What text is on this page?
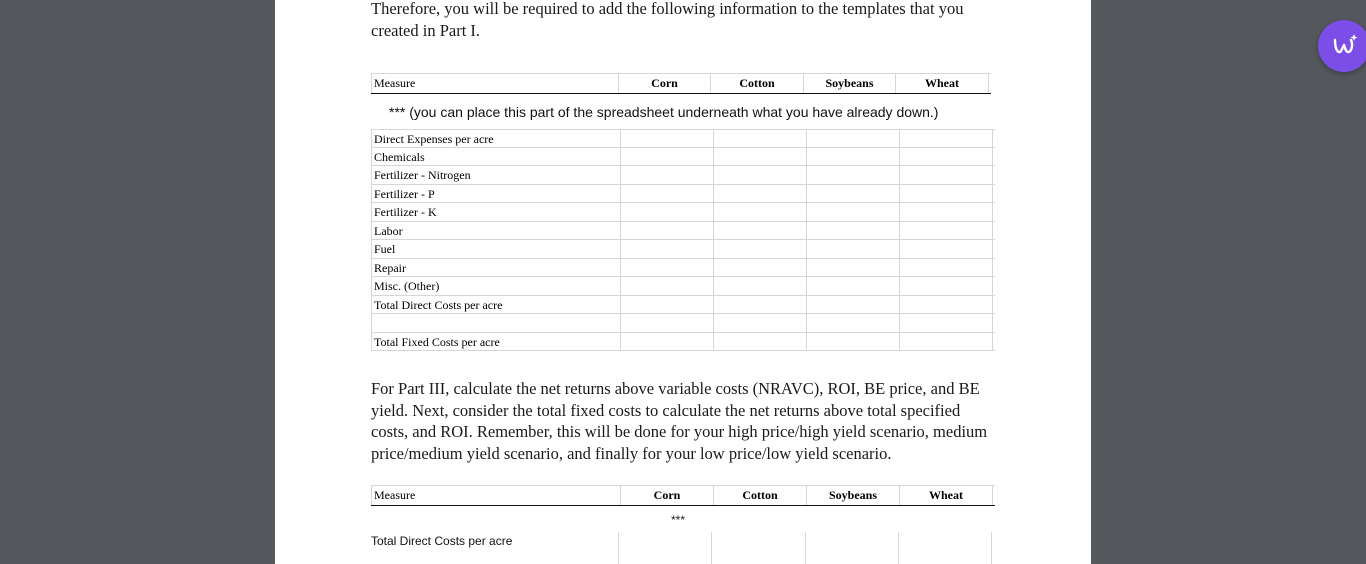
Therefore, you will be required to add the following information to the templates that you created in Part I.

Measure	Corn	Cotton	Soybeans	Wheat
*** (you can place this part of the spreadsheet underneath what you have already down.)
Direct Expenses per acre
Chemicals
Fertilizer - Nitrogen
Fertilizer - P
Fertilizer - K
Labor
Fuel
Repair
Misc. (Other)
Total Direct Costs per acre
Total Fixed Costs per acre

For Part III, calculate the net returns above variable costs (NRAVC), ROI, BE price, and BE yield. Next, consider the total fixed costs to calculate the net returns above total specified costs, and ROI. Remember, this will be done for your high price/high yield scenario, medium price/medium yield scenario, and finally for your low price/low yield scenario.

Measure	Corn	Cotton	Soybeans	Wheat
***
Total Direct Costs per acre
